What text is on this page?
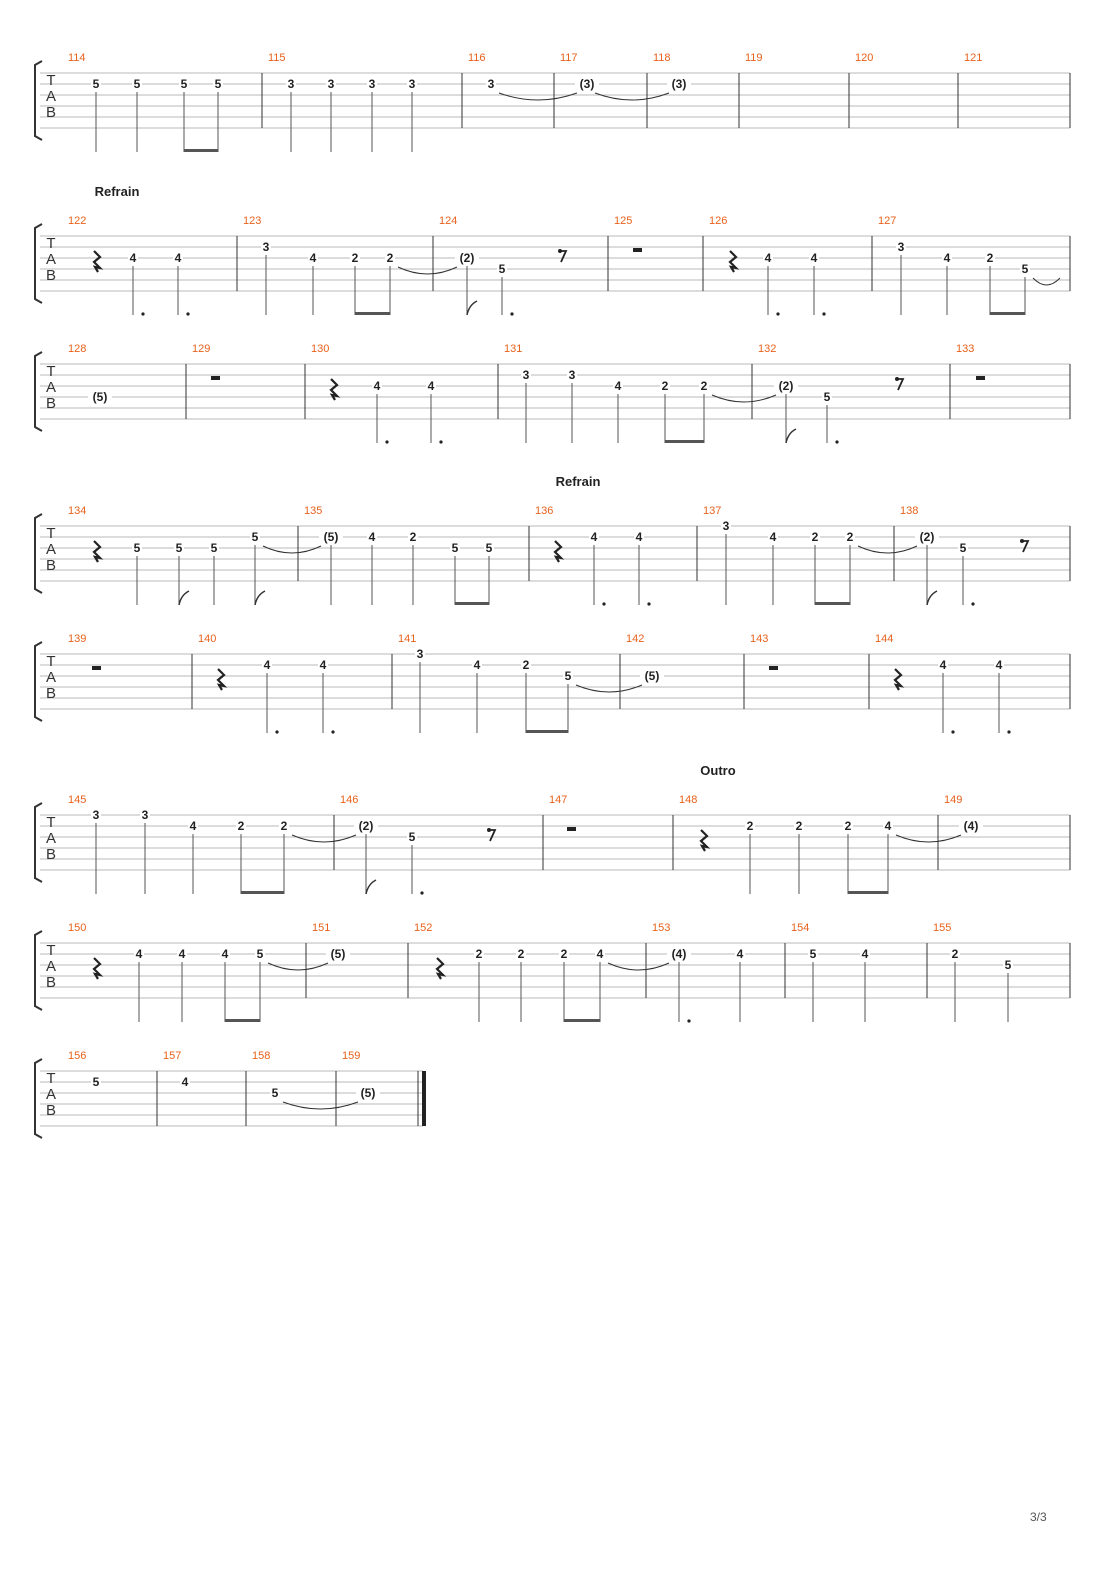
T
A
B
114
5	5	5 5
115
3	3	3	3
116
3
117
(3)
118
(3)
119	120	121
T
A
B
Refrain
122
4	4
123
3
4	2 2
124
(2)
5
125	126
4	4
127
3
4	2
5
T
A
B
128
(5)
129	130
4	4
131
3	3
4	2	2
132
(2)
5
133
T
A
B
Refrain
134
5	5 5
5
135
(5)	4	2
5 5
136
4	4
137
3
4	2 2
138
(2)
5
T
A
B
139	140
4	4
141
3
4	2
5
142
(5)
143	144
4	4
T
A
B
Outro
145
3	3
4	2	2
146
(2)
5
147	148
2	2	2	4
149
(4)
T
A
B
150
4	4	4 5
151
(5)
152
2	2	2 4
153
(4)	4
154
5	4
155
2
5
T
A
B
156
5
157
4
158
5
159
(5)
3/3
